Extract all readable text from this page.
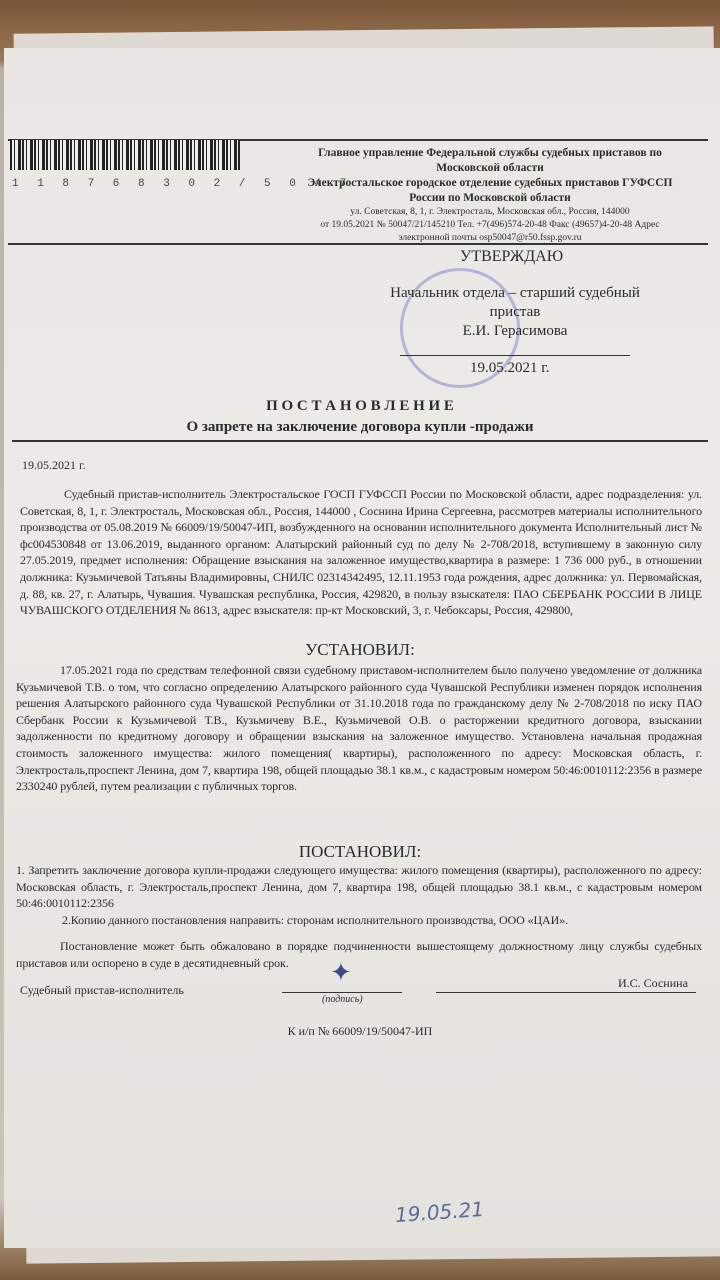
1 1 8 7 6 8 3 0 2 / 5 0 4 7
Главное управление Федеральной службы судебных приставов по
Московской области
Электростальское городское отделение судебных приставов ГУФССП
России по Московской области
ул. Советская, 8, 1, г. Электросталь, Московская обл., Россия, 144000
от 19.05.2021 № 50047/21/145210 Тел. +7(496)574-20-48 Факс (49657)4-20-48 Адрес
электронной почты osp50047@r50.fssp.gov.ru
УТВЕРЖДАЮ
Начальник отдела – старший судебный
пристав
Е.И. Герасимова
19.05.2021 г.
П О С Т А Н О В Л Е Н И Е
О запрете на заключение договора купли -продажи
19.05.2021 г.
Судебный пристав-исполнитель Электростальское ГОСП ГУФССП России по Московской области, адрес подразделения: ул. Советская, 8, 1, г. Электросталь, Московская обл., Россия, 144000 , Соснина Ирина Сергеевна, рассмотрев материалы исполнительного производства от 05.08.2019 № 66009/19/50047-ИП, возбужденного на основании исполнительного документа Исполнительный лист № фс004530848 от 13.06.2019, выданного органом: Алатырский районный суд по делу № 2-708/2018, вступившему в законную силу 27.05.2019, предмет исполнения: Обращение взыскания на заложенное имущество,квартира в размере: 1 736 000 руб., в отношении должника: Кузьмичевой Татьяны Владимировны, СНИЛС 02314342495, 12.11.1953 года рождения, адрес должника: ул. Первомайская, д. 88, кв. 27, г. Алатырь, Чувашия. Чувашская республика, Россия, 429820, в пользу взыскателя: ПАО СБЕРБАНК РОССИИ В ЛИЦЕ ЧУВАШСКОГО ОТДЕЛЕНИЯ № 8613, адрес взыскателя: пр-кт Московский, 3, г. Чебоксары, Россия, 429800,
УСТАНОВИЛ:
17.05.2021 года по средствам телефонной связи судебному приставом-исполнителем было получено уведомление от должника Кузьмичевой Т.В. о том, что согласно определению Алатырского районного суда Чувашской Республики изменен порядок исполнения решения Алатырского районного суда Чувашской Республики от 31.10.2018 года по гражданскому делу № 2-708/2018 по иску ПАО Сбербанк России к Кузьмичевой Т.В., Кузьмичеву В.Е., Кузьмичевой О.В. о расторжении кредитного договора, взыскании задолженности по кредитному договору и обращении взыскания на заложенное имущество. Установлена начальная продажная стоимость заложенного имущества: жилого помещения( квартиры), расположенного по адресу: Московская область, г. Электросталь,проспект Ленина, дом 7, квартира 198, общей площадью 38.1 кв.м., с кадастровым номером 50:46:0010112:2356 в размере 2330240 рублей, путем реализации с публичных торгов.
ПОСТАНОВИЛ:
1. Запретить заключение договора купли-продажи следующего имущества: жилого помещения (квартиры), расположенного по адресу: Московская область, г. Электросталь,проспект Ленина, дом 7, квартира 198, общей площадью 38.1 кв.м., с кадастровым номером 50:46:0010112:2356
2.Копию данного постановления направить: сторонам исполнительного производства, ООО «ЦАИ».
Постановление может быть обжаловано в порядке подчиненности вышестоящему должностному лицу службы судебных приставов или оспорено в суде в десятидневный срок.
Судебный пристав-исполнитель
✦
(подпись)
И.С. Соснина
К и/п № 66009/19/50047-ИП
19.05.21
